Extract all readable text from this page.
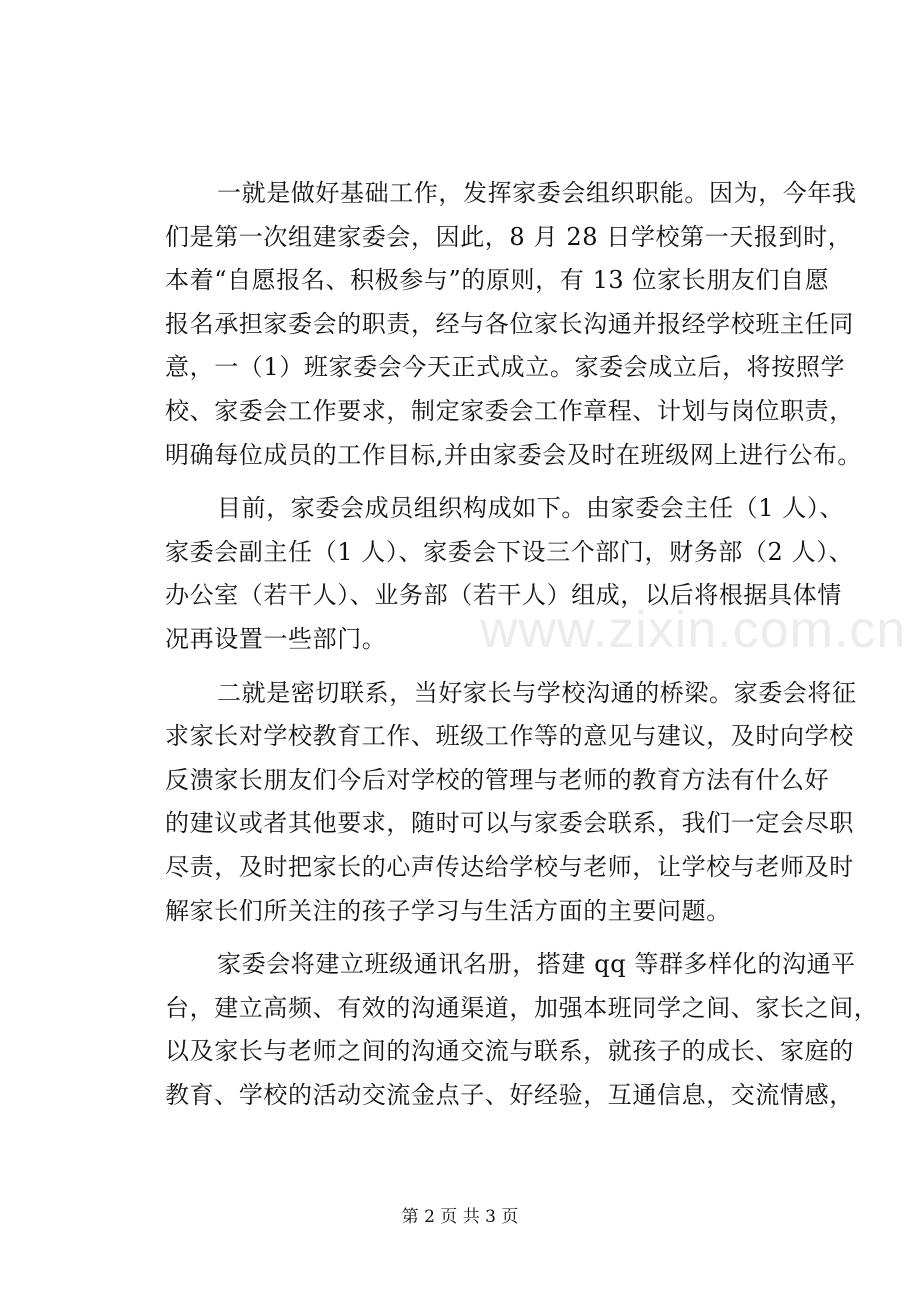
一就是做好基础工作，发挥家委会组织职能。因为，今年我
们是第一次组建家委会，因此，8 月 28 日学校第一天报到时，
本着“自愿报名、积极参与”的原则，有 13 位家长朋友们自愿
报名承担家委会的职责，经与各位家长沟通并报经学校班主任同
意，一（1）班家委会今天正式成立。家委会成立后，将按照学
校、家委会工作要求，制定家委会工作章程、计划与岗位职责，
明确每位成员的工作目标,并由家委会及时在班级网上进行公布。
目前，家委会成员组织构成如下。由家委会主任（1 人）、
家委会副主任（1 人）、家委会下设三个部门，财务部（2 人）、
办公室（若干人）、业务部（若干人）组成，以后将根据具体情
况再设置一些部门。
二就是密切联系，当好家长与学校沟通的桥梁。家委会将征
求家长对学校教育工作、班级工作等的意见与建议，及时向学校
反溃家长朋友们今后对学校的管理与老师的教育方法有什么好
的建议或者其他要求，随时可以与家委会联系，我们一定会尽职
尽责，及时把家长的心声传达给学校与老师，让学校与老师及时
解家长们所关注的孩子学习与生活方面的主要问题。
家委会将建立班级通讯名册，搭建 qq 等群多样化的沟通平
台，建立高频、有效的沟通渠道，加强本班同学之间、家长之间，
以及家长与老师之间的沟通交流与联系，就孩子的成长、家庭的
教育、学校的活动交流金点子、好经验，互通信息，交流情感，
www.zixin.com.cn
第 2 页 共 3 页
